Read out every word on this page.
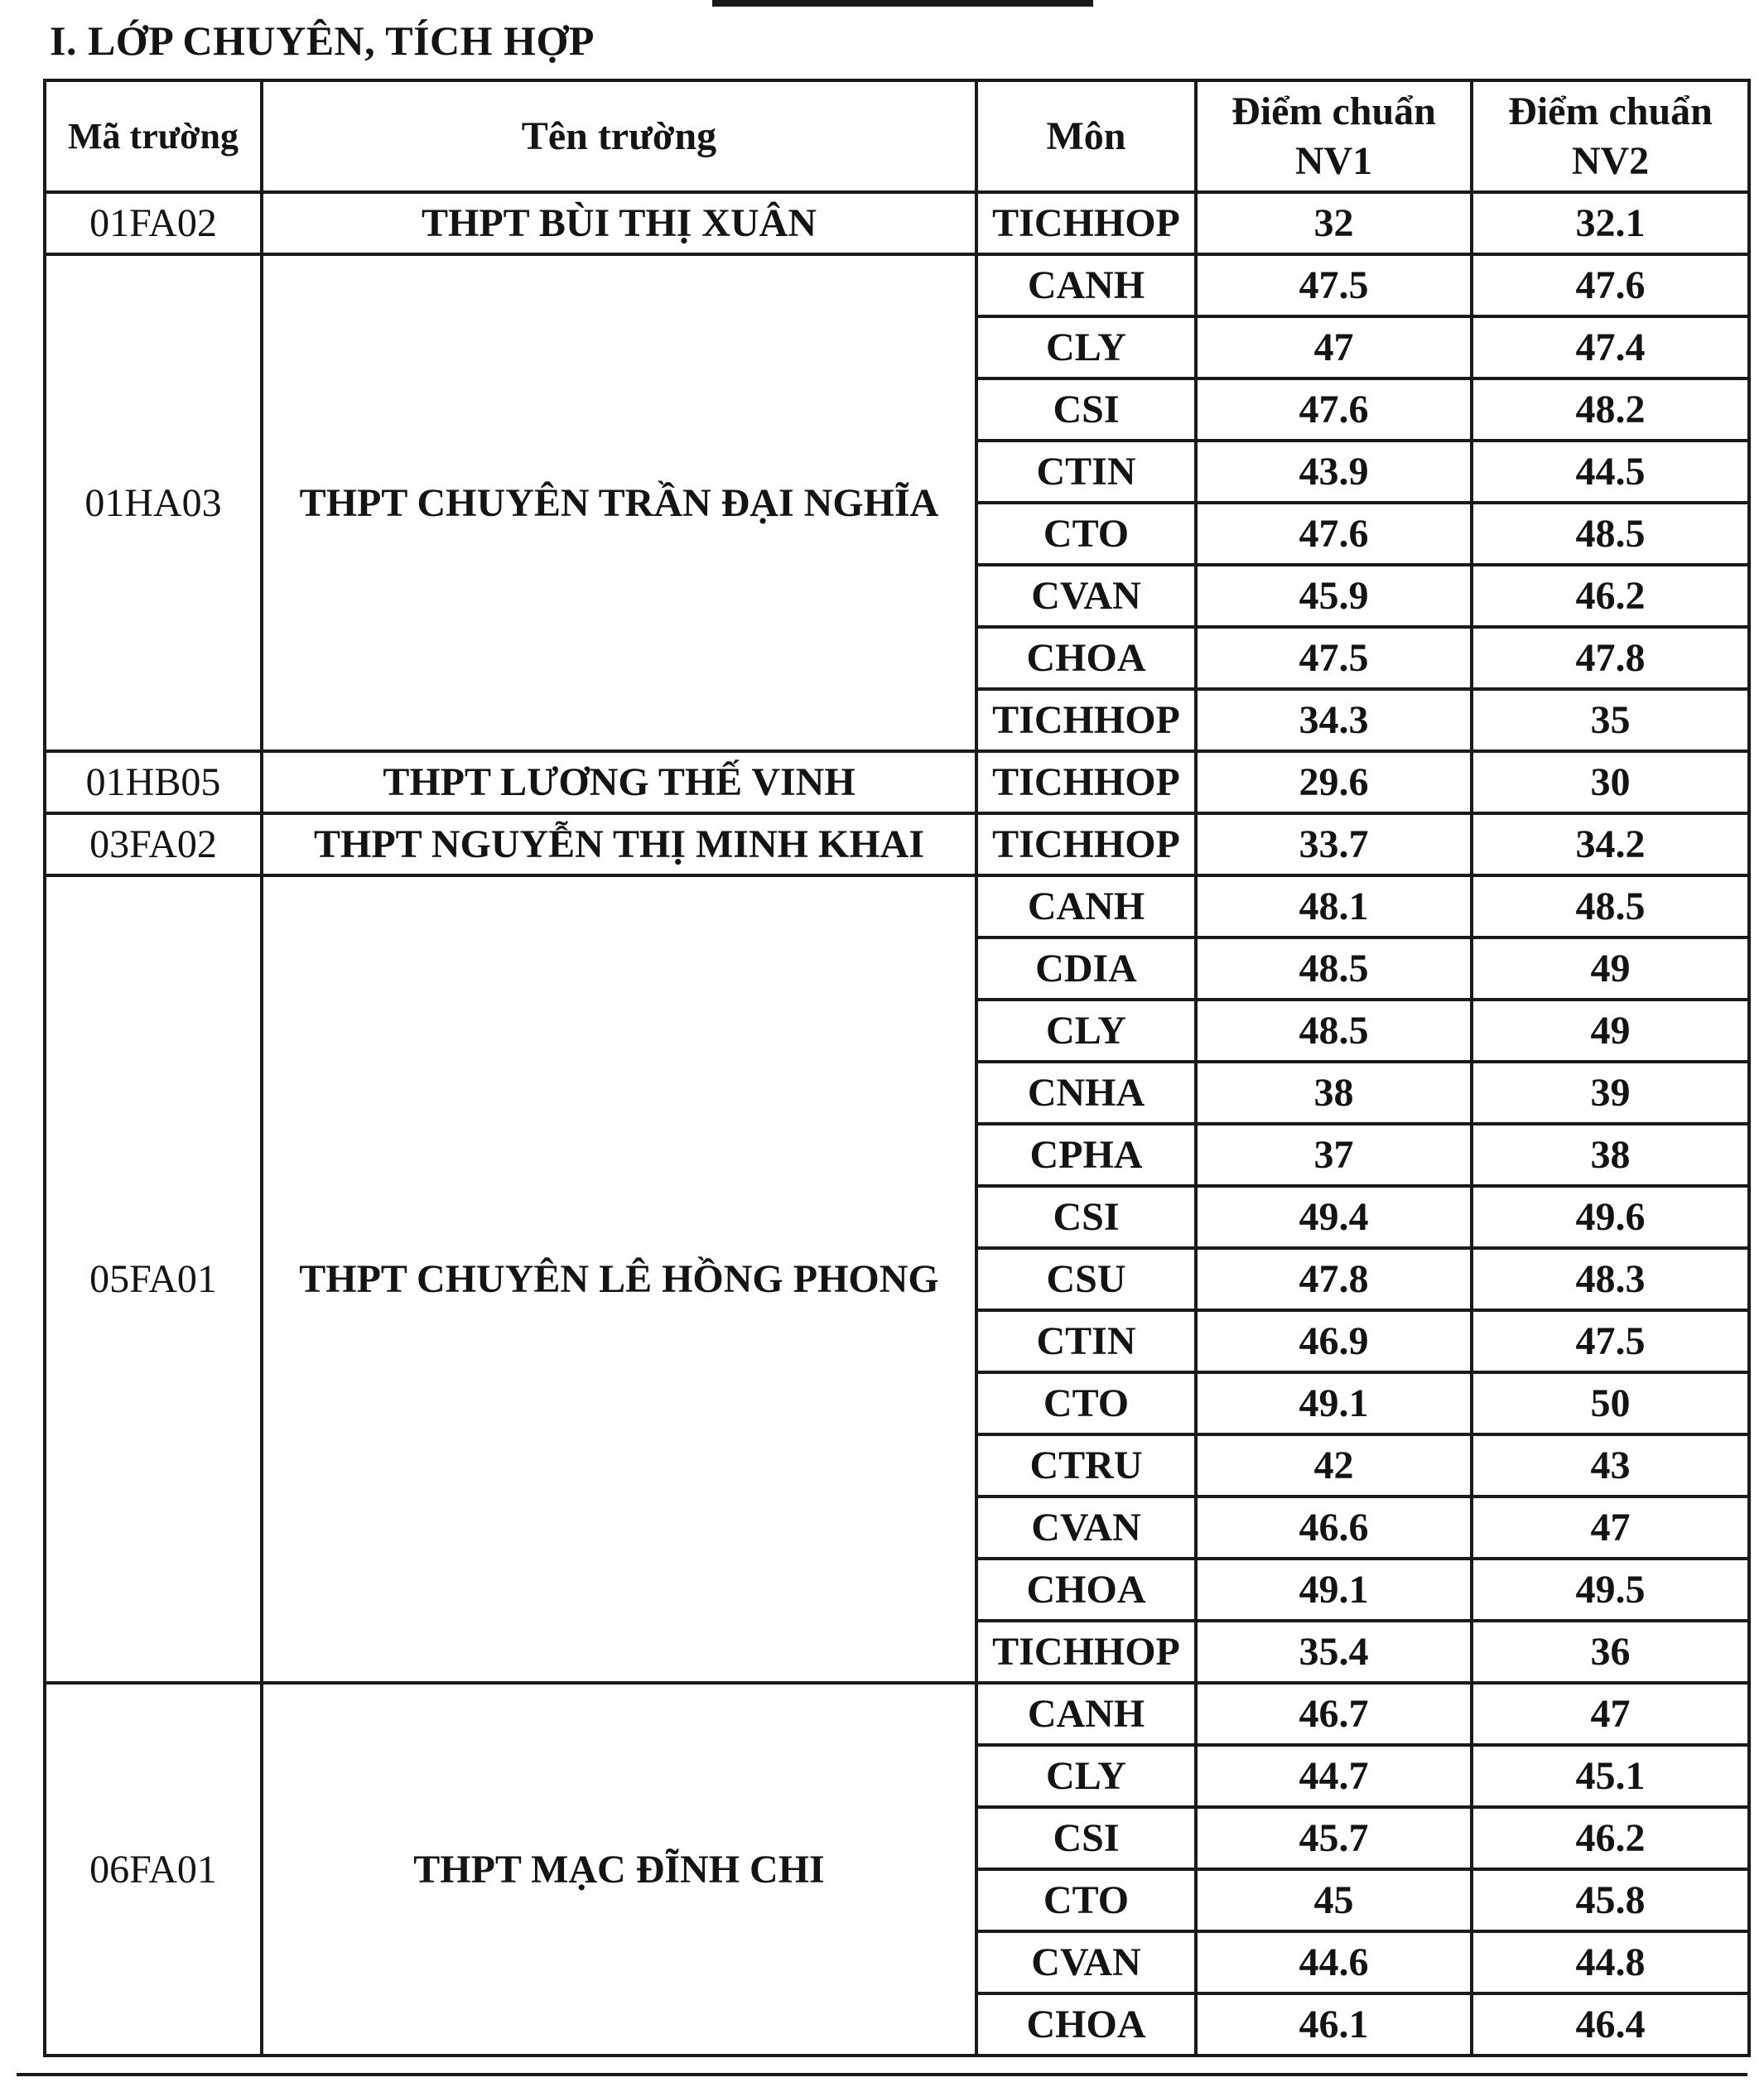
I. LỚP CHUYÊN, TÍCH HỢP
Mã trường	Tên trường	Môn	Điểm chuẩn NV1	Điểm chuẩn NV2
01FA02	THPT BÙI THỊ XUÂN	TICHHOP	32	32.1
01HA03	THPT CHUYÊN TRẦN ĐẠI NGHĨA	CANH	47.5	47.6
		CLY	47	47.4
		CSI	47.6	48.2
		CTIN	43.9	44.5
		CTO	47.6	48.5
		CVAN	45.9	46.2
		CHOA	47.5	47.8
		TICHHOP	34.3	35
01HB05	THPT LƯƠNG THẾ VINH	TICHHOP	29.6	30
03FA02	THPT NGUYỄN THỊ MINH KHAI	TICHHOP	33.7	34.2
05FA01	THPT CHUYÊN LÊ HỒNG PHONG	CANH	48.1	48.5
		CDIA	48.5	49
		CLY	48.5	49
		CNHA	38	39
		CPHA	37	38
		CSI	49.4	49.6
		CSU	47.8	48.3
		CTIN	46.9	47.5
		CTO	49.1	50
		CTRU	42	43
		CVAN	46.6	47
		CHOA	49.1	49.5
		TICHHOP	35.4	36
06FA01	THPT MẠC ĐĨNH CHI	CANH	46.7	47
		CLY	44.7	45.1
		CSI	45.7	46.2
		CTO	45	45.8
		CVAN	44.6	44.8
		CHOA	46.1	46.4
